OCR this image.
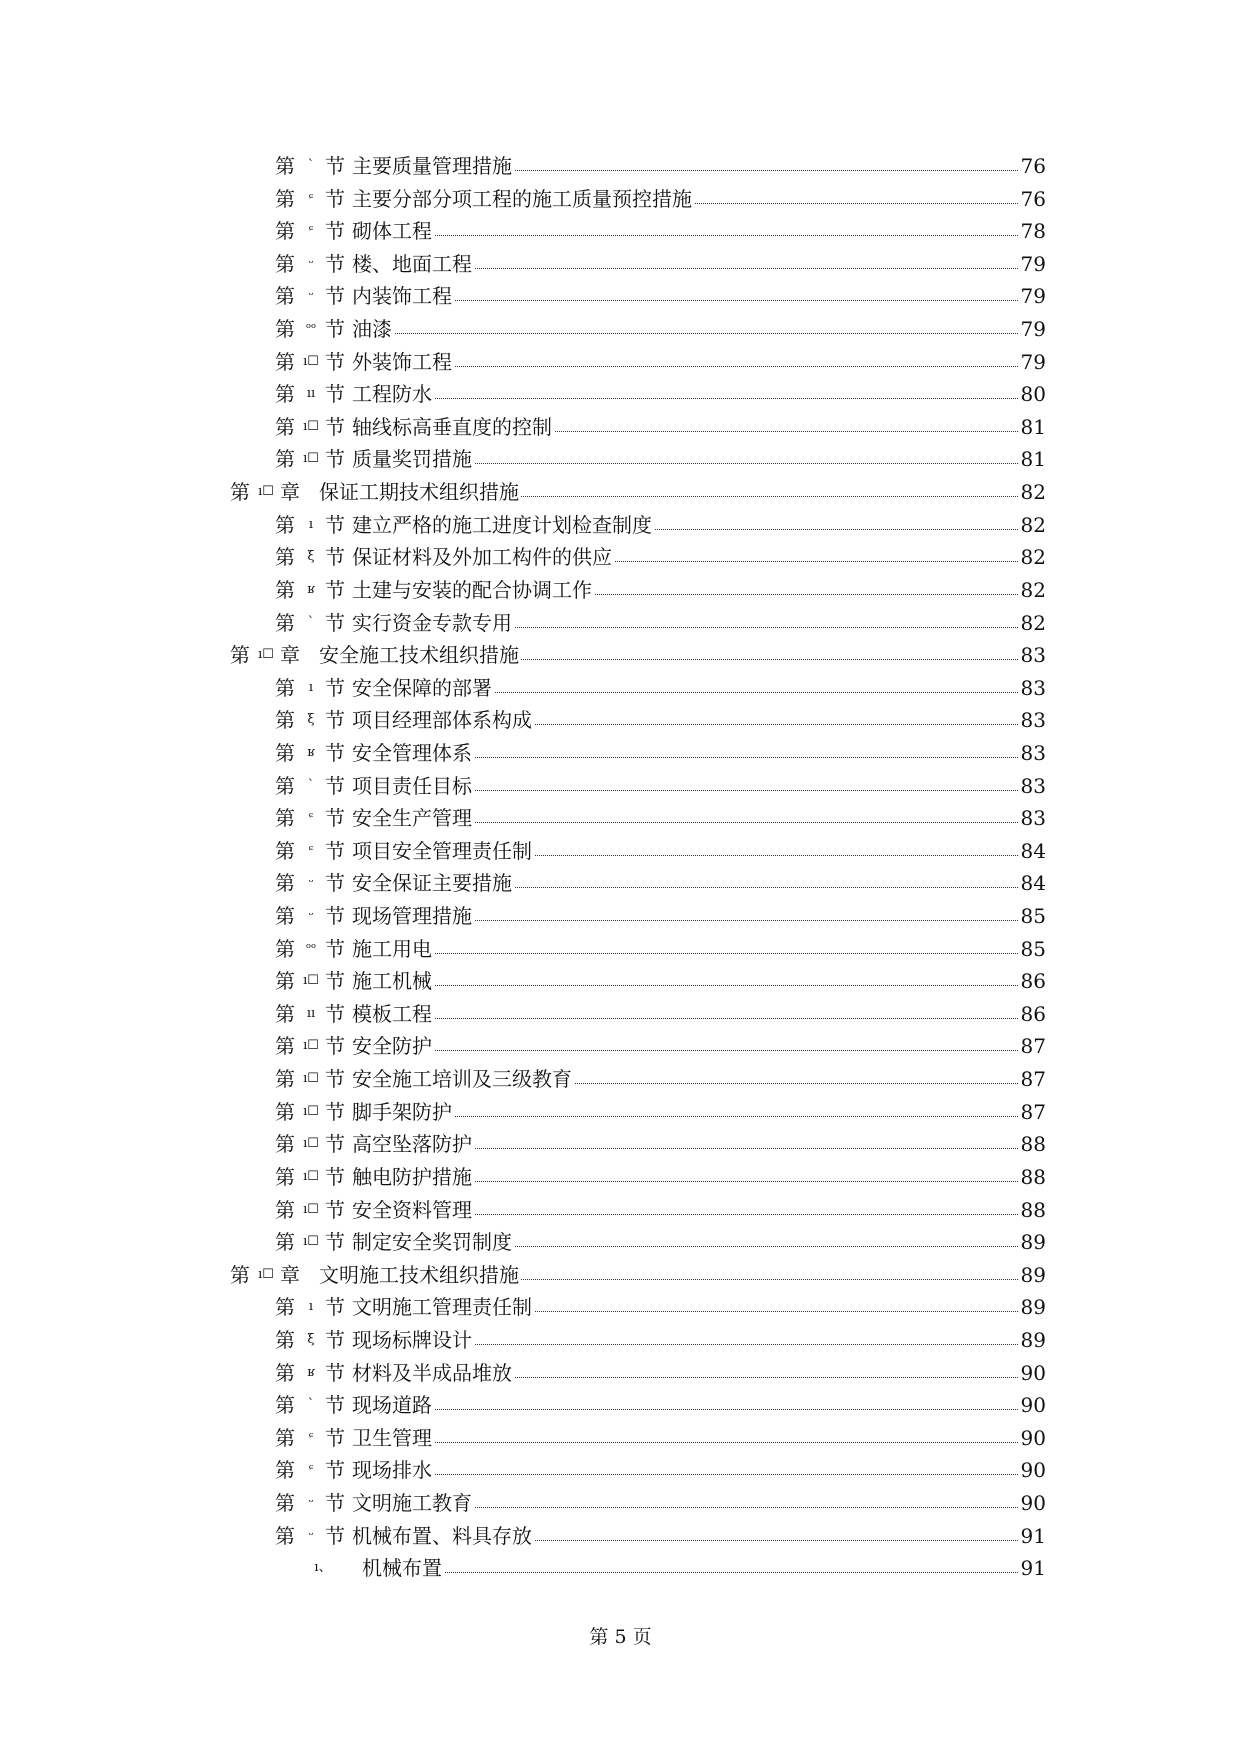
第 ` 节 主要质量管理措施	76
第	ᶝ 节 主要分部分项工程的施工质量预控措施	76
第	ᶝ 节 砌体工程	78
第	ᵕ 节 楼、地面工程	79
第	ᵕ 节 内装饰工程	79
第 ᵒᵒ 节 油漆	79
第 ı☐ 节 外装饰工程	79
第 ıı 节 工程防水	80
第 ı☐ 节 轴线标高垂直度的控制	81
第 ı☐ 节 质量奖罚措施	81
第 ı☐ 章 保证工期技术组织措施	82
第	ı 节 建立严格的施工进度计划检查制度	82
第 ξ 节 保证材料及外加工构件的供应	82
第 ʁ 节 土建与安装的配合协调工作	82
第 ` 节 实行资金专款专用	82
第 ı☐ 章 安全施工技术组织措施	83
第	ı 节 安全保障的部署	83
第 ξ 节 项目经理部体系构成	83
第 ʁ 节 安全管理体系	83
第 ` 节 项目责任目标	83
第	ᶝ 节 安全生产管理	83
第	ᶝ 节 项目安全管理责任制	84
第	ᵕ 节 安全保证主要措施	84
第	ᵕ 节 现场管理措施	85
第 ᵒᵒ 节 施工用电	85
第 ı☐ 节 施工机械	86
第 ıı 节 模板工程	86
第 ı☐ 节 安全防护	87
第 ı☐ 节 安全施工培训及三级教育	87
第 ı☐ 节 脚手架防护	87
第 ı☐ 节 高空坠落防护	88
第 ı☐ 节 触电防护措施	88
第 ı☐ 节 安全资料管理	88
第 ı☐ 节 制定安全奖罚制度	89
第 ı☐ 章 文明施工技术组织措施	89
第	ı 节 文明施工管理责任制	89
第 ξ 节 现场标牌设计	89
第 ʁ 节 材料及半成品堆放	90
第 ` 节 现场道路	90
第	ᶝ 节 卫生管理	90
第	ᶝ 节 现场排水	90
第	ᵕ 节 文明施工教育	90
第	ᵕ 节 机械布置、料具存放	91
ı、 机械布置	91
第 5 页
